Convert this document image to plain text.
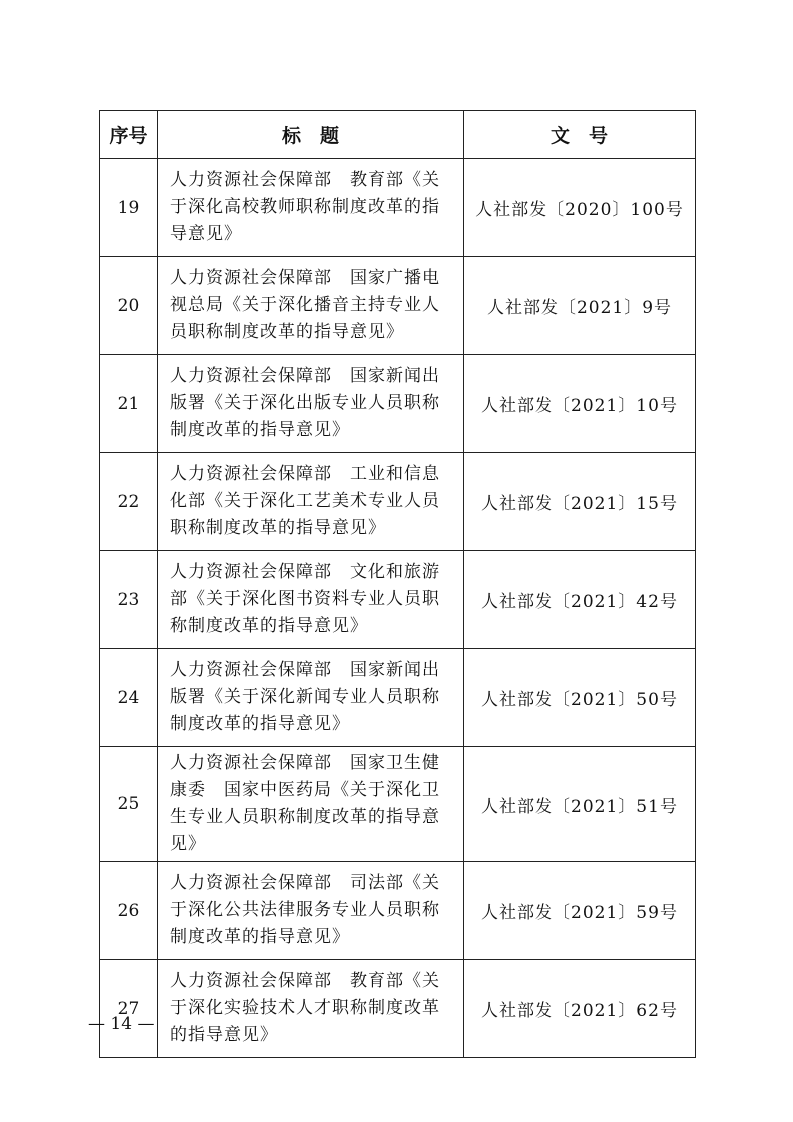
序号	标　题	文　号
19	人力资源社会保障部　教育部《关于深化高校教师职称制度改革的指导意见》	人社部发〔2020〕100号
20	人力资源社会保障部　国家广播电视总局《关于深化播音主持专业人员职称制度改革的指导意见》	人社部发〔2021〕9号
21	人力资源社会保障部　国家新闻出版署《关于深化出版专业人员职称制度改革的指导意见》	人社部发〔2021〕10号
22	人力资源社会保障部　工业和信息化部《关于深化工艺美术专业人员职称制度改革的指导意见》	人社部发〔2021〕15号
23	人力资源社会保障部　文化和旅游部《关于深化图书资料专业人员职称制度改革的指导意见》	人社部发〔2021〕42号
24	人力资源社会保障部　国家新闻出版署《关于深化新闻专业人员职称制度改革的指导意见》	人社部发〔2021〕50号
25	人力资源社会保障部　国家卫生健康委　国家中医药局《关于深化卫生专业人员职称制度改革的指导意见》	人社部发〔2021〕51号
26	人力资源社会保障部　司法部《关于深化公共法律服务专业人员职称制度改革的指导意见》	人社部发〔2021〕59号
27	人力资源社会保障部　教育部《关于深化实验技术人才职称制度改革的指导意见》	人社部发〔2021〕62号
— 14 —
